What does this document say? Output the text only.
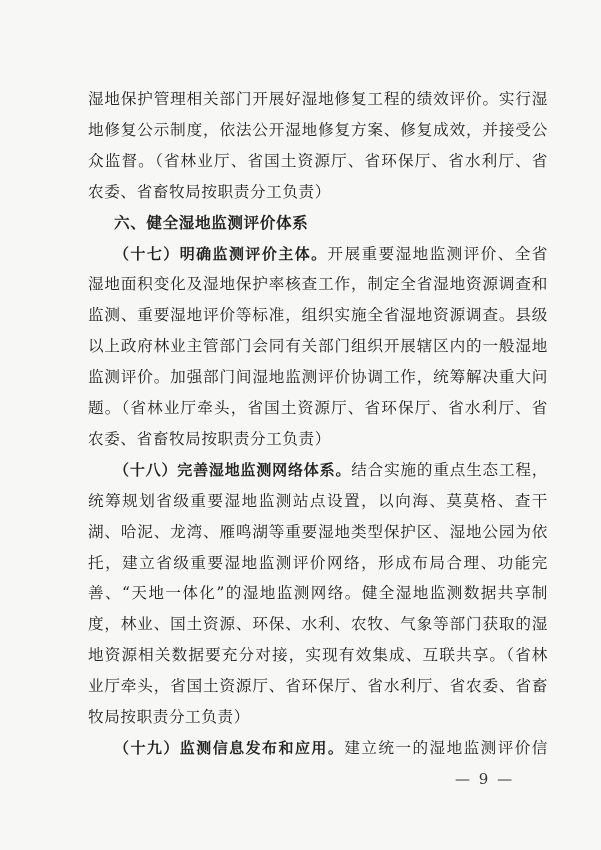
湿地保护管理相关部门开展好湿地修复工程的绩效评价。实行湿
地修复公示制度，依法公开湿地修复方案、修复成效，并接受公
众监督。（省林业厅、省国土资源厅、省环保厅、省水利厅、省
农委、省畜牧局按职责分工负责）
六、健全湿地监测评价体系
（十七）明确监测评价主体。开展重要湿地监测评价、全省
湿地面积变化及湿地保护率核查工作，制定全省湿地资源调查和
监测、重要湿地评价等标准，组织实施全省湿地资源调查。县级
以上政府林业主管部门会同有关部门组织开展辖区内的一般湿地
监测评价。加强部门间湿地监测评价协调工作，统筹解决重大问
题。（省林业厅牵头，省国土资源厅、省环保厅、省水利厅、省
农委、省畜牧局按职责分工负责）
（十八）完善湿地监测网络体系。结合实施的重点生态工程，
统筹规划省级重要湿地监测站点设置，以向海、莫莫格、查干
湖、哈泥、龙湾、雁鸣湖等重要湿地类型保护区、湿地公园为依
托，建立省级重要湿地监测评价网络，形成布局合理、功能完
善、“天地一体化”的湿地监测网络。健全湿地监测数据共享制
度，林业、国土资源、环保、水利、农牧、气象等部门获取的湿
地资源相关数据要充分对接，实现有效集成、互联共享。（省林
业厅牵头，省国土资源厅、省环保厅、省水利厅、省农委、省畜
牧局按职责分工负责）
（十九）监测信息发布和应用。建立统一的湿地监测评价信
— 9 —
